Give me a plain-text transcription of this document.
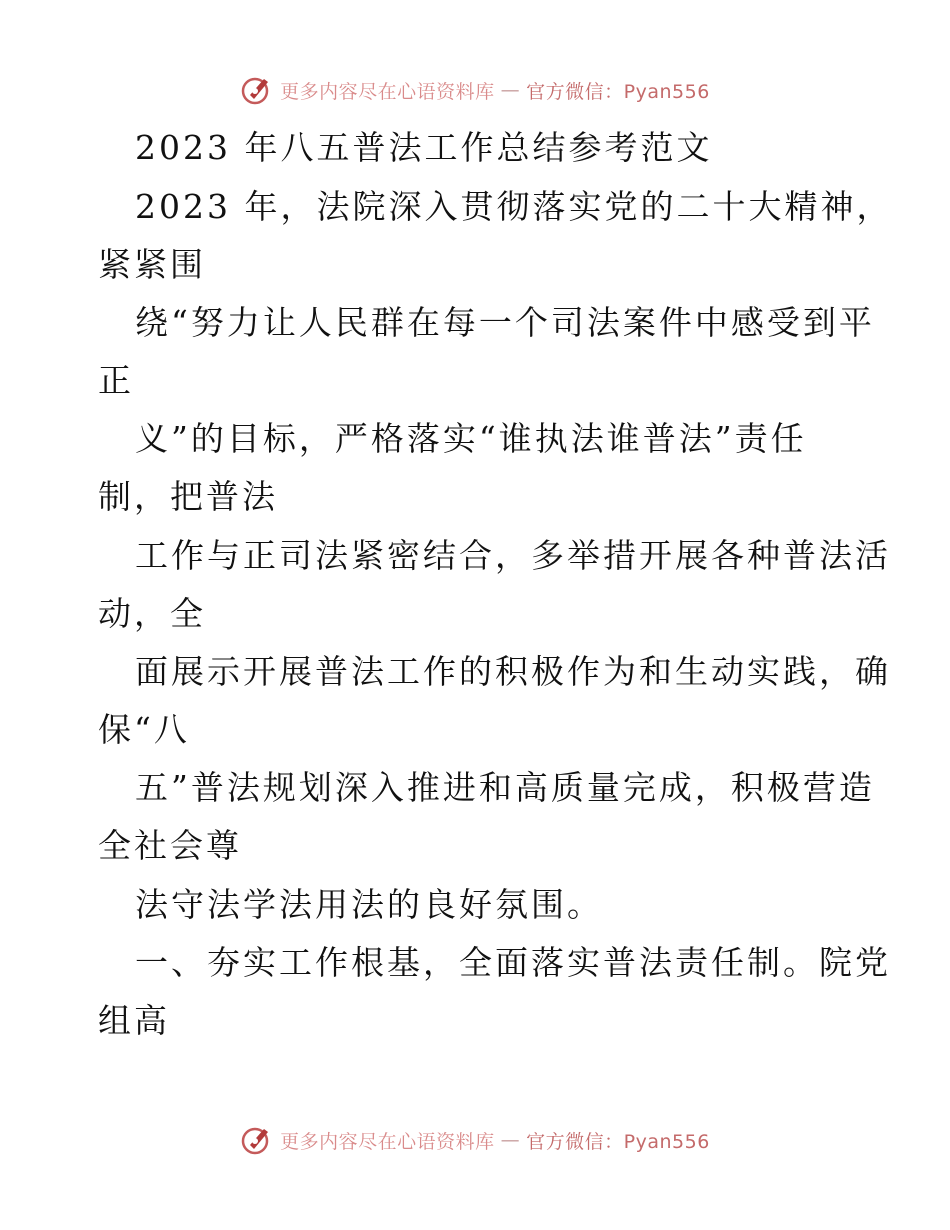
更多内容尽在心语资料库 — 官方微信：Pyan556

2023 年八五普法工作总结参考范文

2023 年，法院深入贯彻落实党的二十大精神，

紧紧围

绕“努力让人民群在每一个司法案件中感受到平

正

义”的目标，严格落实“谁执法谁普法”责任

制，把普法

工作与正司法紧密结合，多举措开展各种普法活

动，全

面展示开展普法工作的积极作为和生动实践，确

保“八

五”普法规划深入推进和高质量完成，积极营造

全社会尊

法守法学法用法的良好氛围。

一、夯实工作根基，全面落实普法责任制。院党

组高

更多内容尽在心语资料库 — 官方微信：Pyan556
